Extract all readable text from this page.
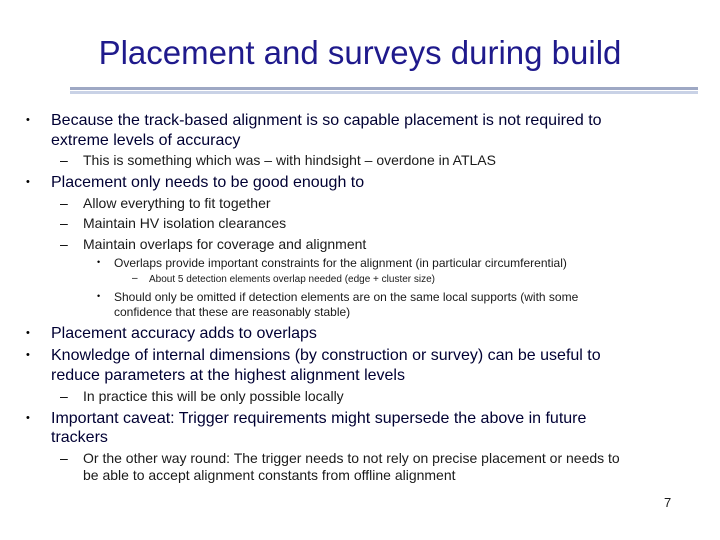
Placement and surveys during build
• Because the track-based alignment is so capable placement is not required to
extreme levels of accuracy
– This is something which was – with hindsight – overdone in ATLAS
• Placement only needs to be good enough to
– Allow everything to fit together
– Maintain HV isolation clearances
– Maintain overlaps for coverage and alignment
• Overlaps provide important constraints for the alignment (in particular circumferential)
– About 5 detection elements overlap needed (edge + cluster size)
• Should only be omitted if detection elements are on the same local supports (with some
confidence that these are reasonably stable)
• Placement accuracy adds to overlaps
• Knowledge of internal dimensions (by construction or survey) can be useful to
reduce parameters at the highest alignment levels
– In practice this will be only possible locally
• Important caveat: Trigger requirements might supersede the above in future
trackers
– Or the other way round: The trigger needs to not rely on precise placement or needs to
be able to accept alignment constants from offline alignment
7
